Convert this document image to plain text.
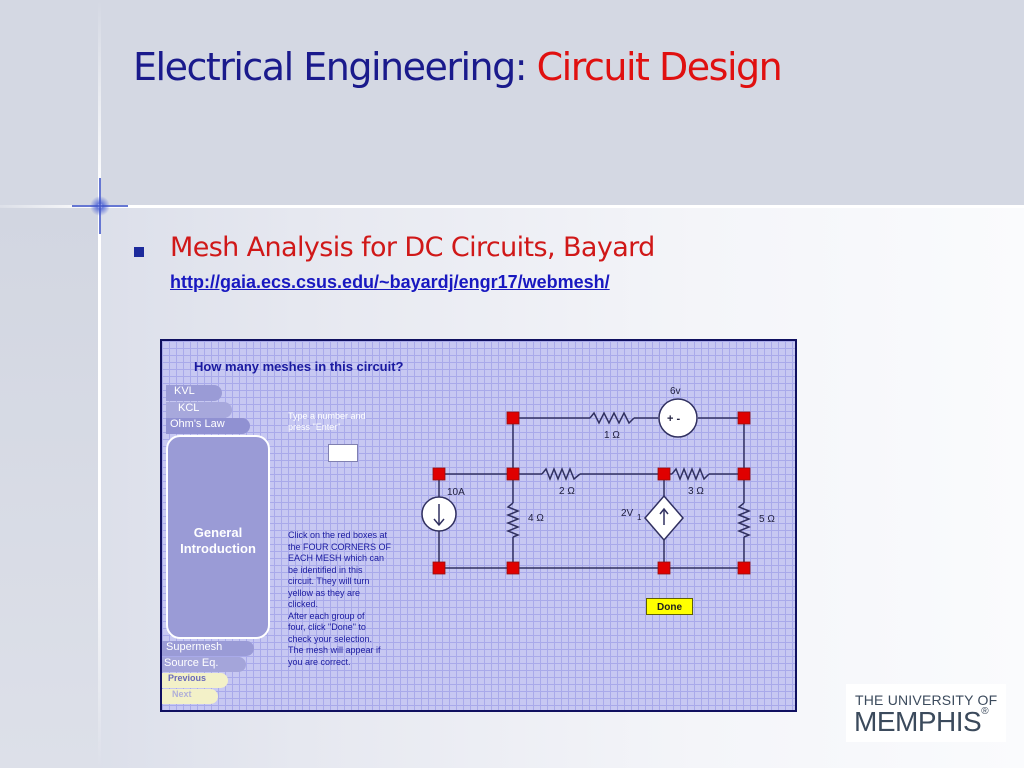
Electrical Engineering: Circuit Design
Mesh Analysis for DC Circuits, Bayard
http://gaia.ecs.csus.edu/~bayardj/engr17/webmesh/
How many meshes in this circuit?
KVL
KCL
Ohm's Law
General
Introduction
Supermesh
Source Eq.
Previous
Next
Type a number and
press "Enter"
Click on the red boxes at
the FOUR CORNERS OF
EACH MESH which can
be identified in this
circuit. They will turn
yellow as they are
clicked.
After each group of
four, click "Done" to
check your selection.
The mesh will appear if
you are correct.
6v
+ -
1 Ω
2 Ω	3 Ω
4 Ω	5 Ω
10A
2V 1
Done
THE UNIVERSITY OF
MEMPHIS®
